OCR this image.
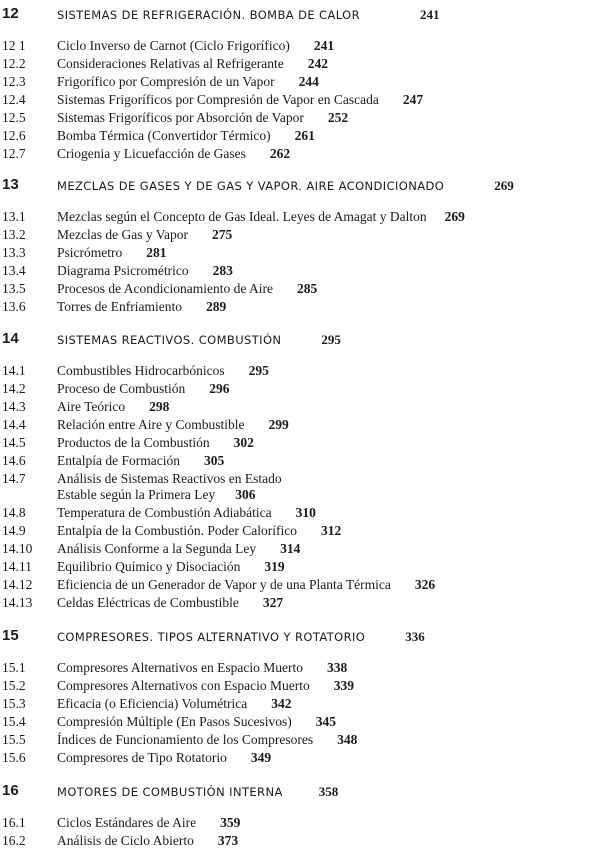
12	SISTEMAS DE REFRIGERACIÓN. BOMBA DE CALOR	241
12 1 Ciclo Inverso de Carnot (Ciclo Frigorífico) 241
12.2 Consideraciones Relativas al Refrigerante 242
12.3 Frigorífico por Compresión de un Vapor 244
12.4 Sistemas Frigoríficos por Compresión de Vapor en Cascada 247
12.5 Sistemas Frigoríficos por Absorción de Vapor 252
12.6 Bomba Térmica (Convertidor Térmico) 261
12.7 Criogenia y Licuefacción de Gases 262
13	MEZCLAS DE GASES Y DE GAS Y VAPOR. AIRE ACONDICIONADO	269
13.1 Mezclas según el Concepto de Gas Ideal. Leyes de Amagat y Dalton 269
13.2 Mezclas de Gas y Vapor 275
13.3 Psicrómetro 281
13.4 Diagrama Psicrométrico 283
13.5 Procesos de Acondicionamiento de Aire 285
13.6 Torres de Enfriamiento 289
14	SISTEMAS REACTIVOS. COMBUSTIÓN	295
14.1 Combustibles Hidrocarbónicos 295
14.2 Proceso de Combustión 296
14.3 Aire Teórico 298
14.4 Relación entre Aire y Combustible 299
14.5 Productos de la Combustión 302
14.6 Entalpía de Formación 305
14.7 Análisis de Sistemas Reactivos en Estado
Estable según la Primera Ley 306
14.8 Temperatura de Combustión Adiabática 310
14.9 Entalpía de la Combustión. Poder Calorífico 312
14.10 Análisis Conforme a la Segunda Ley 314
14.11 Equilibrio Químico y Disociación 319
14.12 Eficiencia de un Generador de Vapor y de una Planta Térmica 326
14.13 Celdas Eléctricas de Combustible 327
15	COMPRESORES. TIPOS ALTERNATIVO Y ROTATORIO	336
15.1 Compresores Alternativos en Espacio Muerto 338
15.2 Compresores Alternativos con Espacio Muerto 339
15.3 Eficacia (o Eficiencia) Volumétrica 342
15.4 Compresión Múltiple (En Pasos Sucesivos) 345
15.5 Índices de Funcionamiento de los Compresores 348
15.6 Compresores de Tipo Rotatorio 349
16	MOTORES DE COMBUSTIÓN INTERNA	358
16.1 Ciclos Estándares de Aire 359
16.2 Análisis de Ciclo Abierto 373
